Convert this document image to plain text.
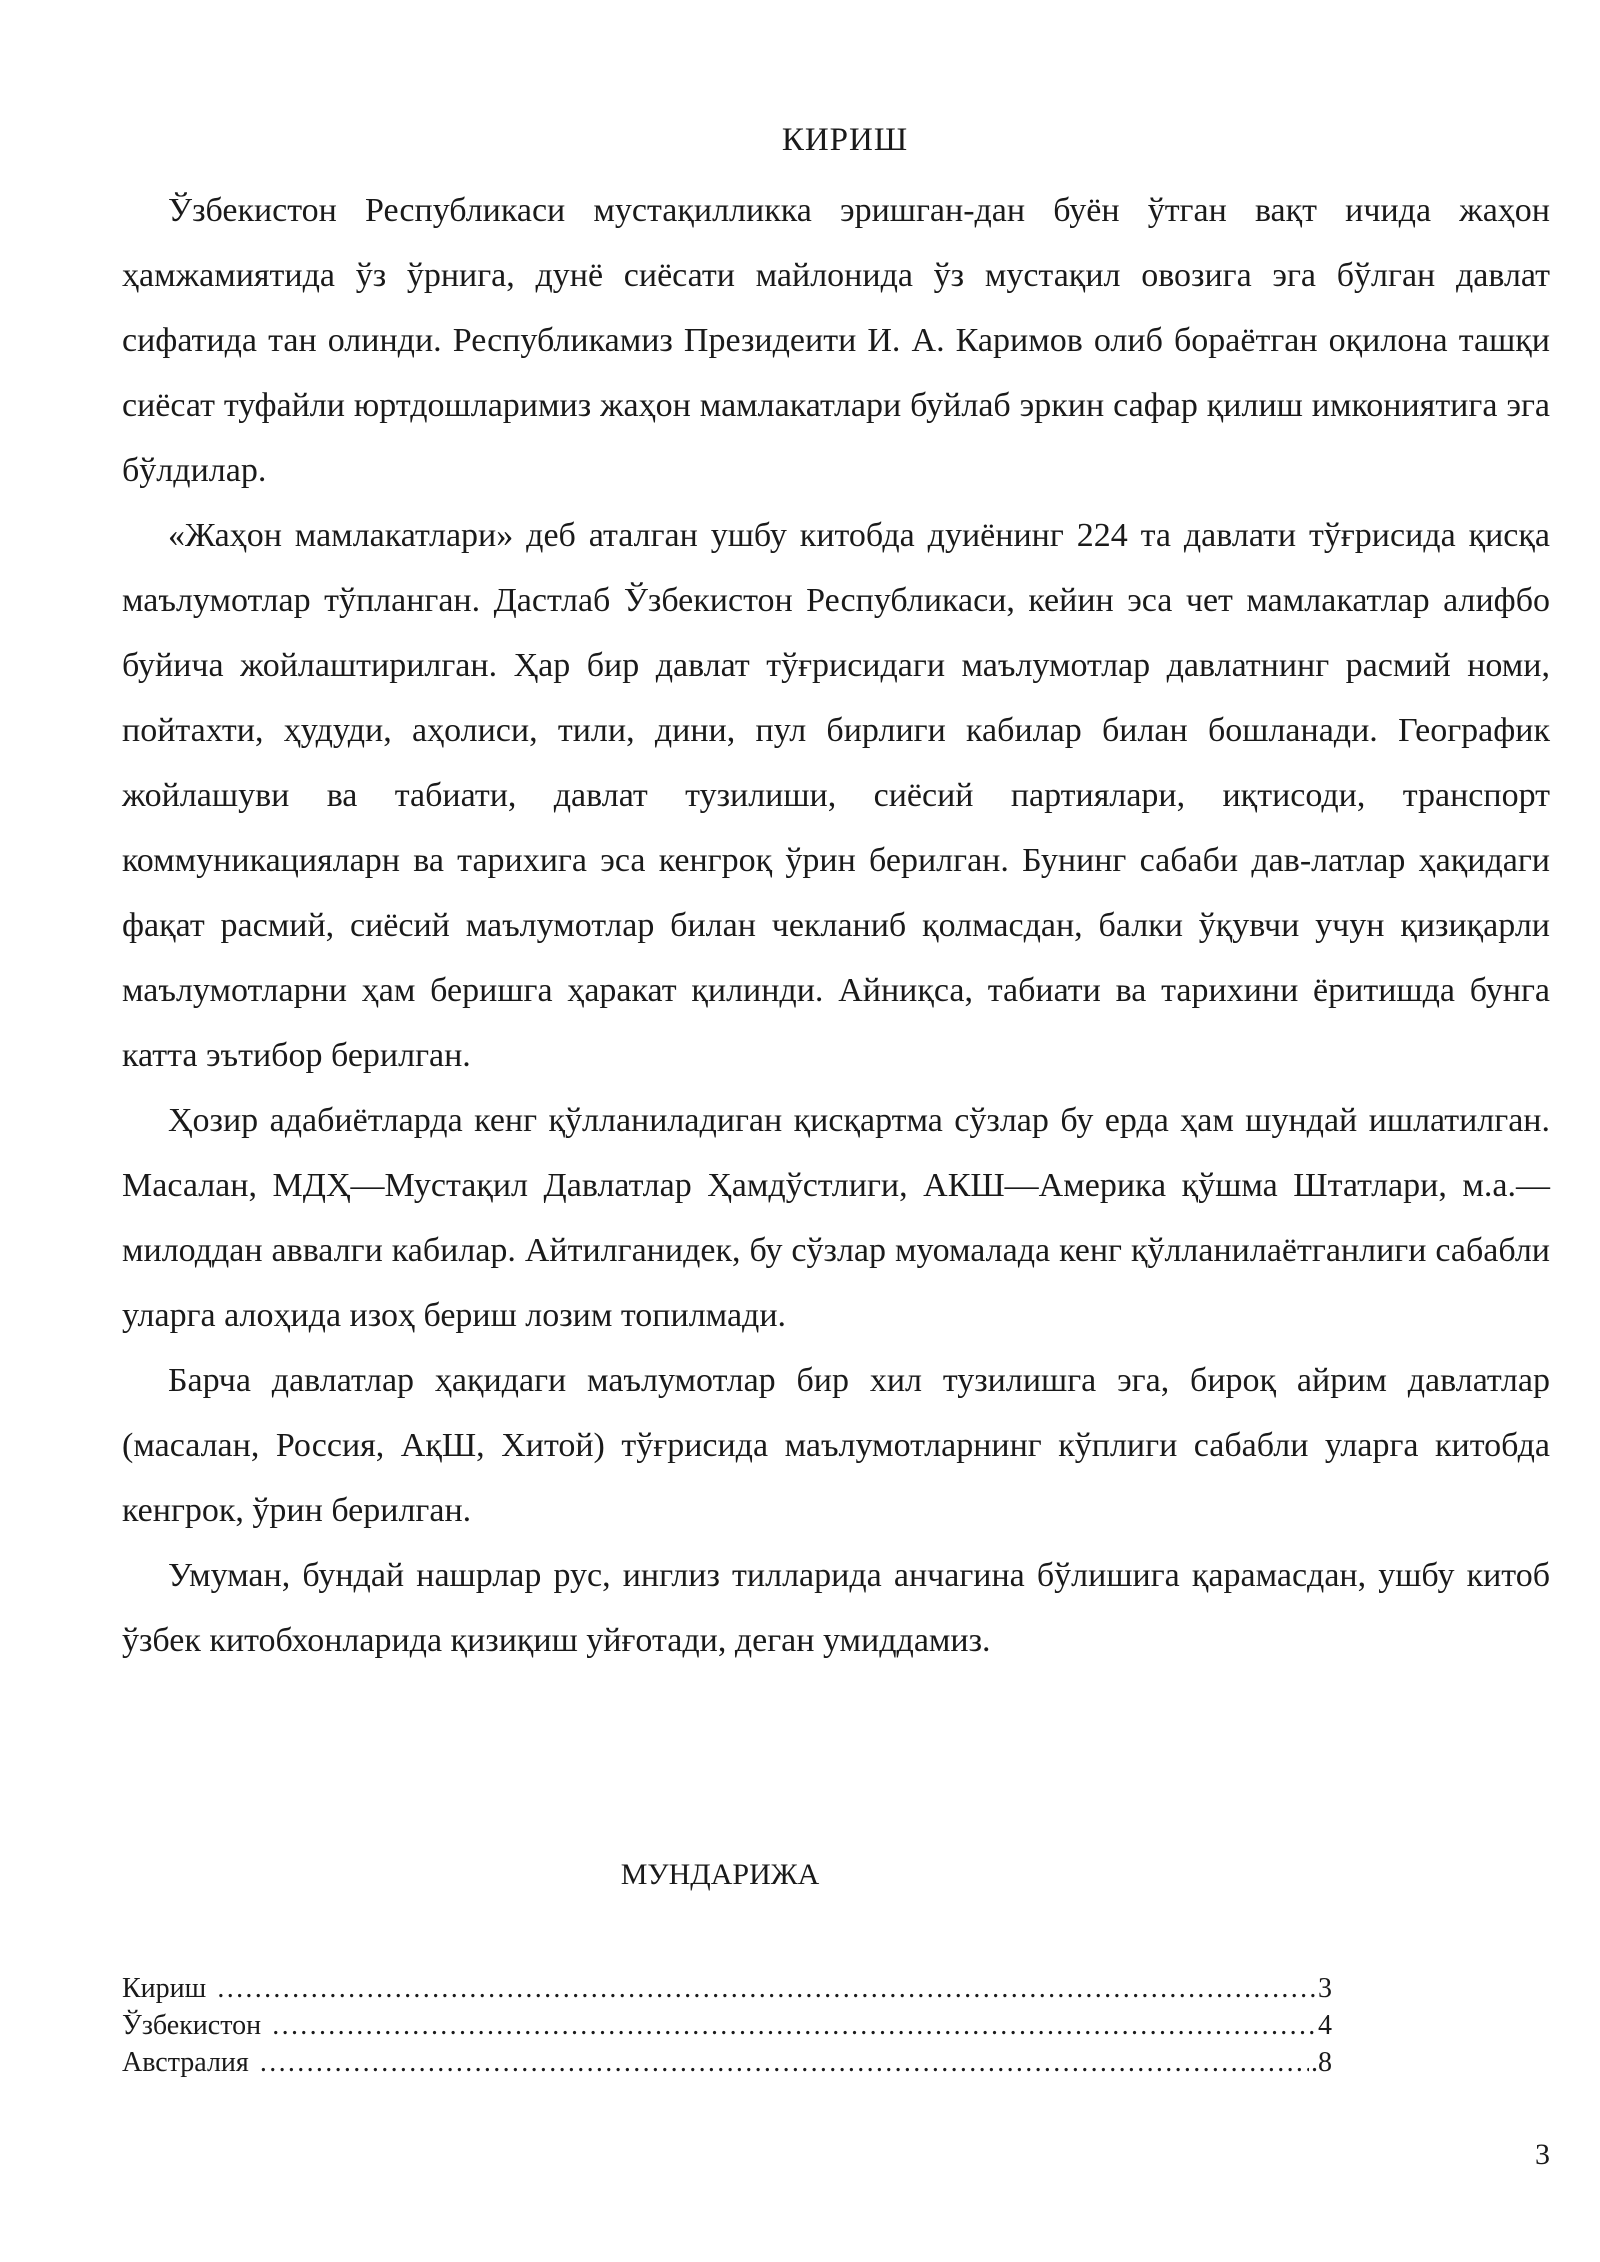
КИРИШ

Ўзбекистон Республикаси мустақилликка эришган-дан буён ўтган вақт ичида жаҳон ҳамжамиятида ўз ўрнига, дунё сиёсати майлонида ўз мустақил овозига эга бўлган давлат сифатида тан олинди. Республикамиз Президеити И. А. Каримов олиб бораётган оқилона ташқи сиёсат туфайли юртдошларимиз жаҳон мамлакатлари буйлаб эркин сафар қилиш имкониятига эга бўлдилар.

«Жаҳон мамлакатлари» деб аталган ушбу китобда дуиёнинг 224 та давлати тўғрисида қисқа маълумотлар тўпланган. Дастлаб Ўзбекистон Республикаси, кейин эса чет мамлакатлар алифбо буйича жойлаштирилган. Ҳар бир давлат тўғрисидаги маълумотлар давлатнинг расмий номи, пойтахти, ҳудуди, аҳолиси, тили, дини, пул бирлиги кабилар билан бошланади. Географик жойлашуви ва табиати, давлат тузилиши, сиёсий партиялари, иқтисоди, транспорт коммуникацияларн ва тарихига эса кенгроқ ўрин берилган. Бунинг сабаби дав-латлар ҳақидаги фақат расмий, сиёсий маълумотлар билан чекланиб қолмасдан, балки ўқувчи учун қизиқарли маълумотларни ҳам беришга ҳаракат қилинди. Айниқса, табиати ва тарихини ёритишда бунга катта эътибор берилган.

Ҳозир адабиётларда кенг қўлланиладиган қисқартма сўзлар бу ерда ҳам шундай ишлатилган. Масалан, МДҲ—Мустақил Давлатлар Ҳамдўстлиги, АКШ—Америка қўшма Штатлари, м.а.—милоддан аввалги кабилар. Айтилганидек, бу сўзлар муомалада кенг қўлланилаётганлиги сабабли уларга алоҳида изоҳ бериш лозим топилмади.

Барча давлатлар ҳақидаги маълумотлар бир хил тузилишга эга, бироқ айрим давлатлар (масалан, Россия, АқШ, Хитой) тўғрисида маълумотларнинг кўплиги сабабли уларга китобда кенгрок, ўрин берилган.

Умуман, бундай нашрлар рус, инглиз тилларида анчагина бўлишига қарамасдан, ушбу китоб ўзбек китобхонларида қизиқиш уйғотади, деган умиддамиз.

МУНДАРИЖА
Кириш …………………………………………………………………………………………………………………………………………………………………	3
Ўзбекистон …………………………………………………………………………………………………………………………………………………………………	4
Австралия …………………………………………………………………………………………………………………………………………………………………	.8
3
